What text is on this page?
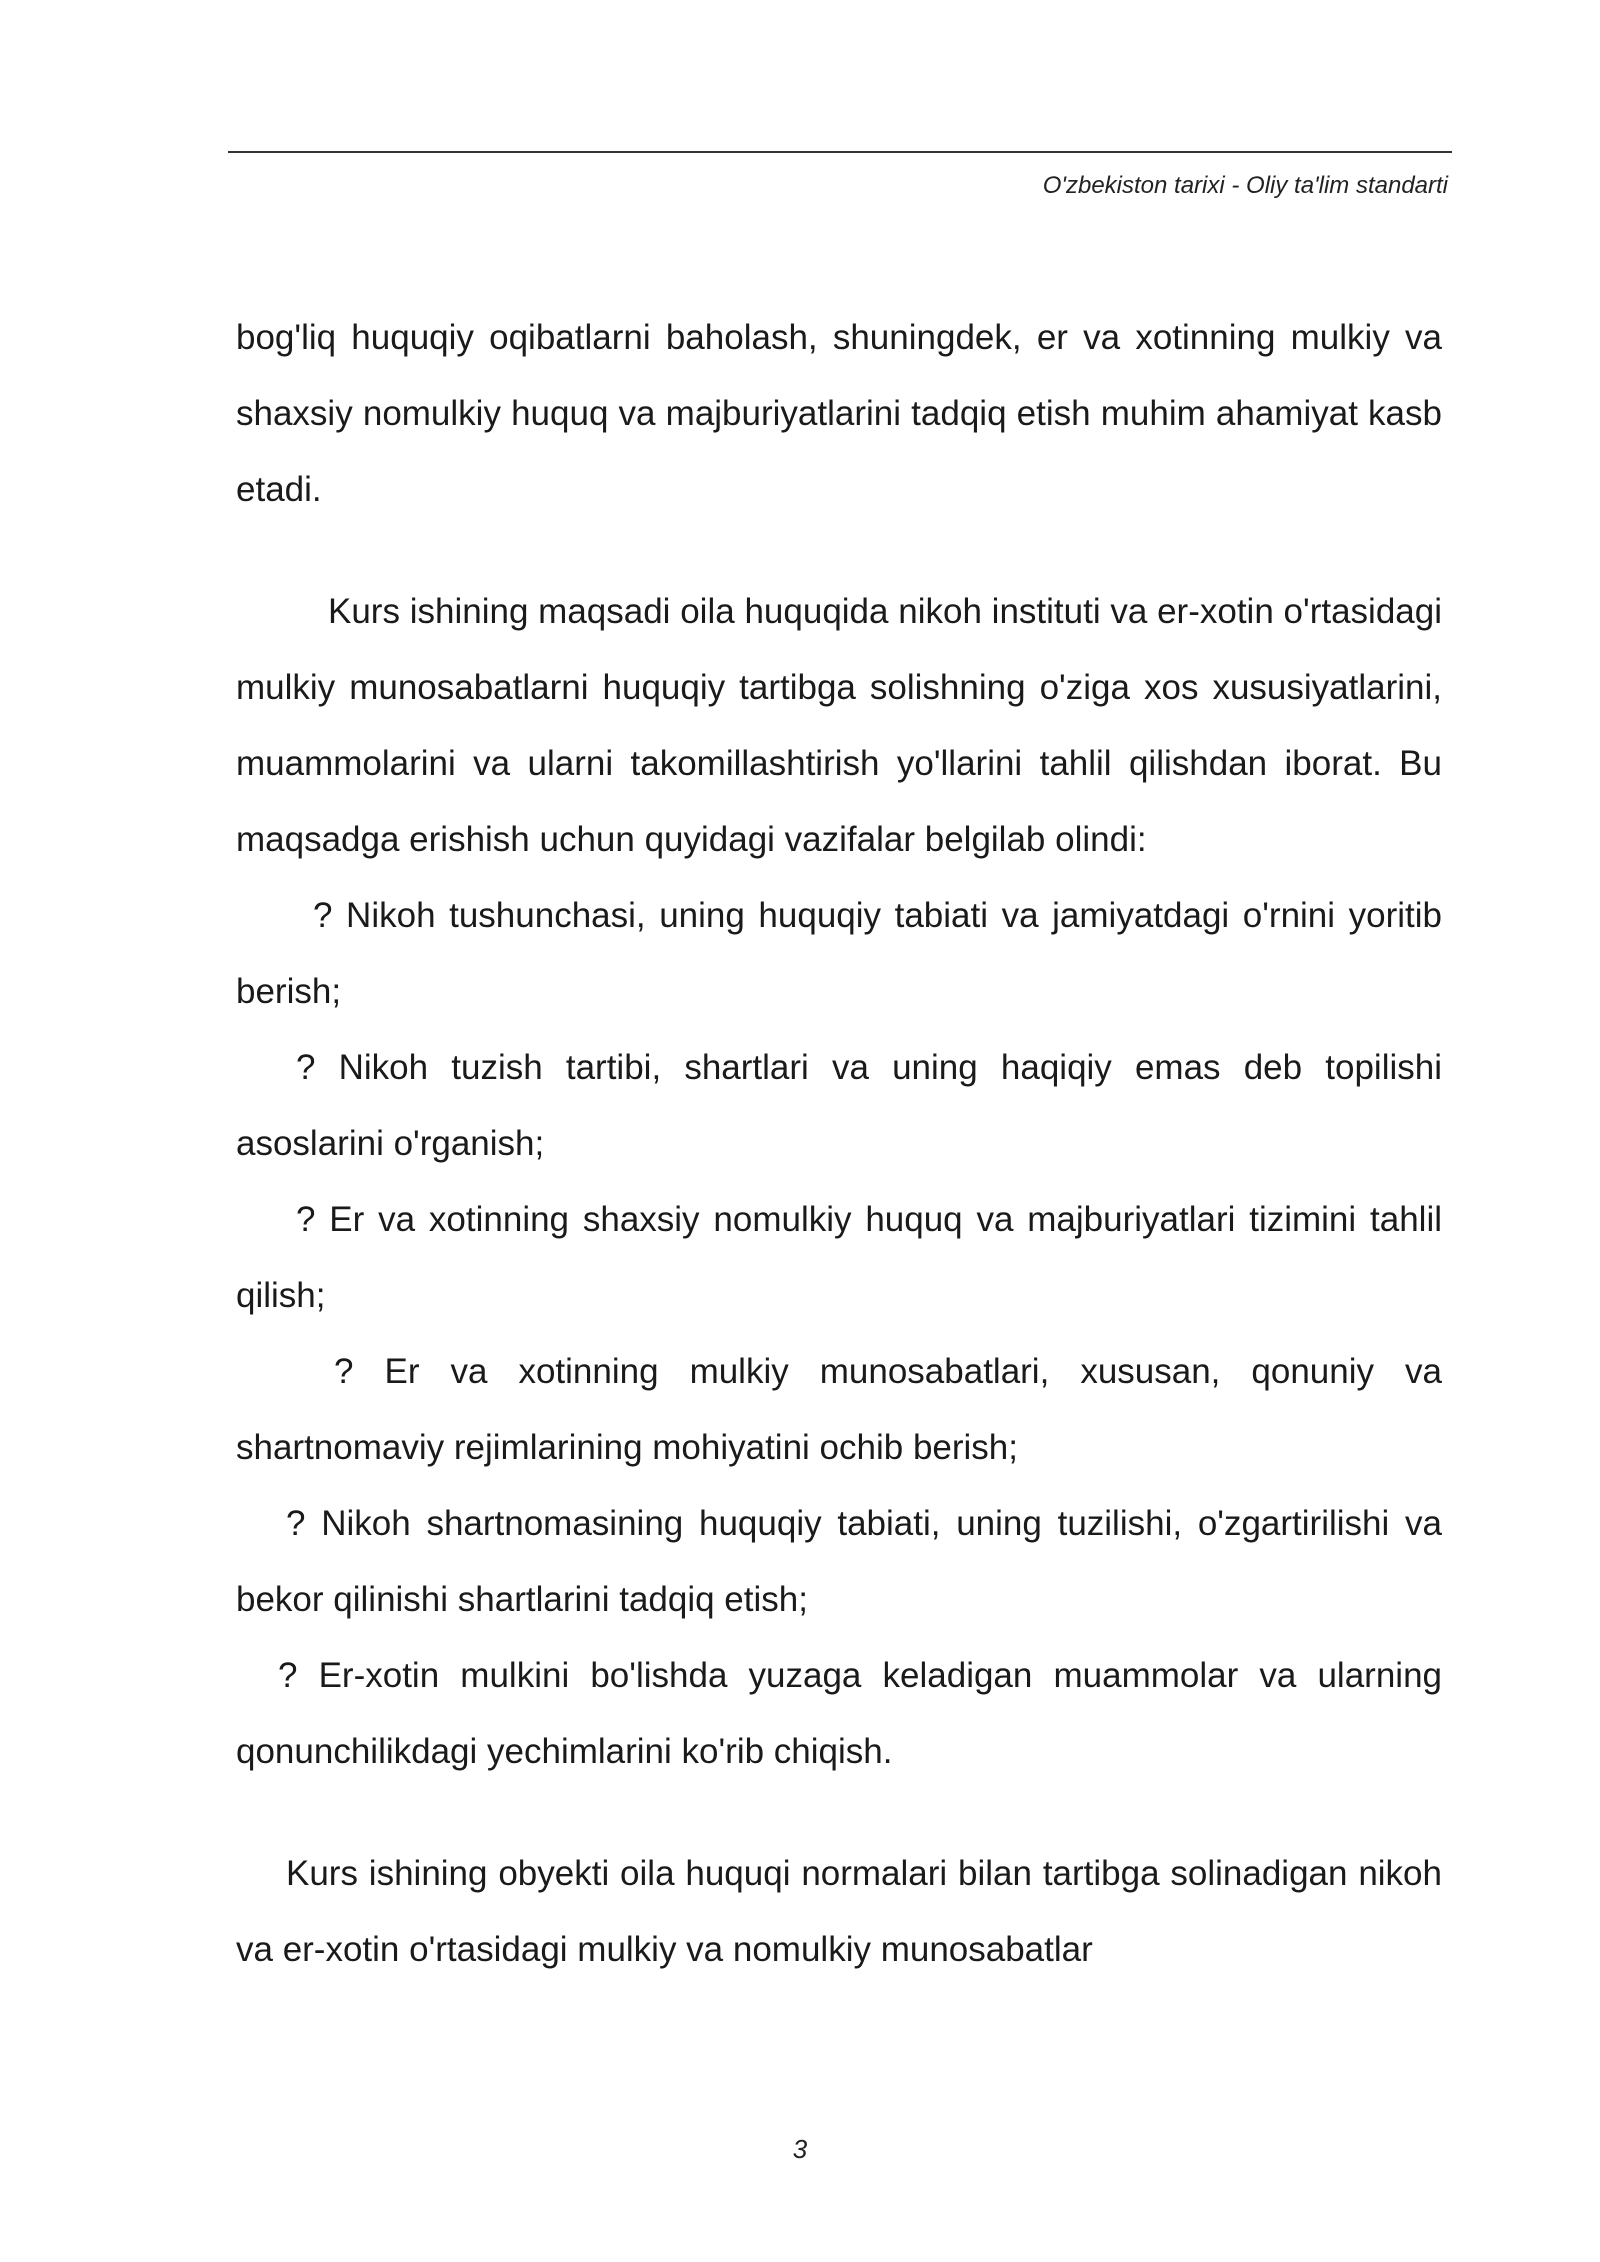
O'zbekiston tarixi - Oliy ta'lim standarti

bog'liq huquqiy oqibatlarni baholash, shuningdek, er va xotinning mulkiy va shaxsiy nomulkiy huquq va majburiyatlarini tadqiq etish muhim ahamiyat kasb etadi.

Kurs ishining maqsadi oila huquqida nikoh instituti va er-xotin o'rtasidagi mulkiy munosabatlarni huquqiy tartibga solishning o'ziga xos xususiyatlarini, muammolarini va ularni takomillashtirish yo'llarini tahlil qilishdan iborat. Bu maqsadga erishish uchun quyidagi vazifalar belgilab olindi:

? Nikoh tushunchasi, uning huquqiy tabiati va jamiyatdagi o'rnini yoritib berish;

? Nikoh tuzish tartibi, shartlari va uning haqiqiy emas deb topilishi asoslarini o'rganish;

? Er va xotinning shaxsiy nomulkiy huquq va majburiyatlari tizimini tahlil qilish;

? Er va xotinning mulkiy munosabatlari, xususan, qonuniy va shartnomaviy rejimlarining mohiyatini ochib berish;

? Nikoh shartnomasining huquqiy tabiati, uning tuzilishi, o'zgartirilishi va bekor qilinishi shartlarini tadqiq etish;

? Er-xotin mulkini bo'lishda yuzaga keladigan muammolar va ularning qonunchilikdagi yechimlarini ko'rib chiqish.

Kurs ishining obyekti oila huquqi normalari bilan tartibga solinadigan nikoh va er-xotin o'rtasidagi mulkiy va nomulkiy munosabatlar

3
